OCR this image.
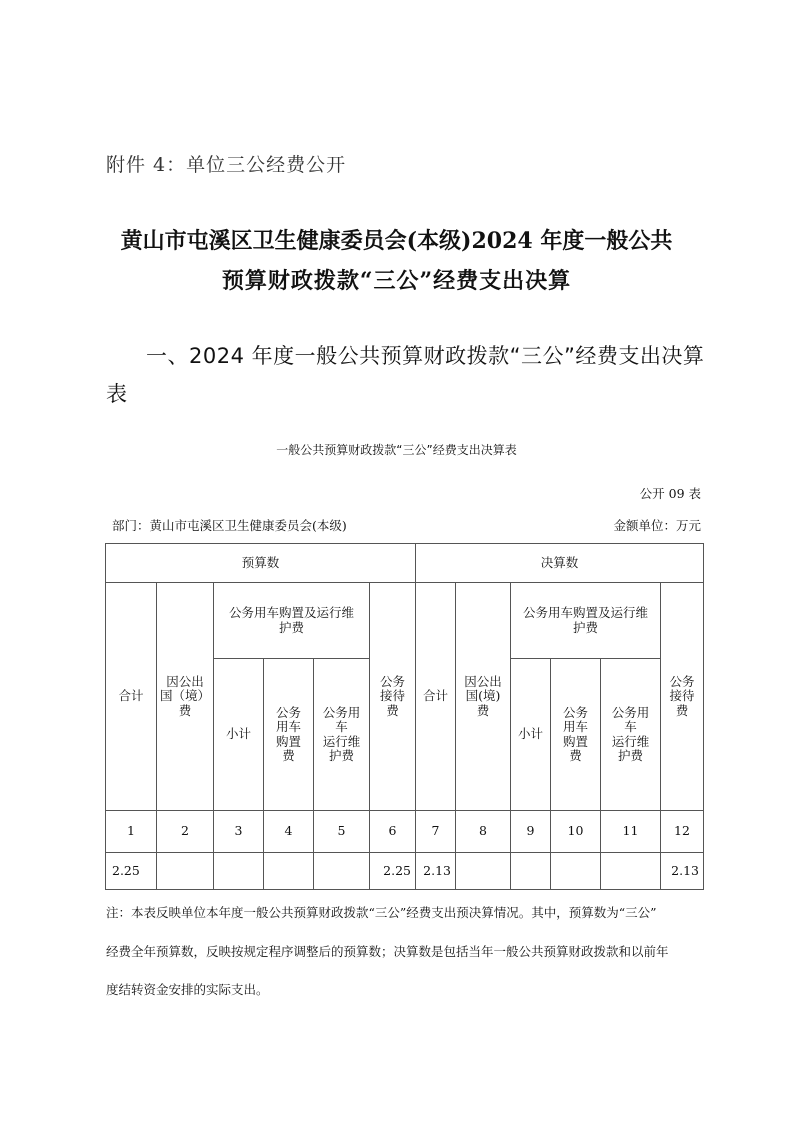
附件 4：单位三公经费公开
黄山市屯溪区卫生健康委员会(本级)2024 年度一般公共
预算财政拨款“三公”经费支出决算
一、2024 年度一般公共预算财政拨款“三公”经费支出决算
表
一般公共预算财政拨款“三公”经费支出决算表
公开 09 表
部门：黄山市屯溪区卫生健康委员会(本级)	金额单位：万元
预算数						决算数					
合计	因公出
国（境）
费	公务用车购置及运行维
护费			公务
接待
费	合计	因公出
国(境)
费	公务用车购置及运行维
护费			公务
接待
费

		小计	公务
用车
购置
费	公务用
车
运行维
护费				小计	公务
用车
购置
费	公务用
车
运行维
护费	

1	2	3	4	5	6	7	8	9	10	11	12
2.25					2.25	2.13					2.13
注：本表反映单位本年度一般公共预算财政拨款“三公”经费支出预决算情况。其中，预算数为“三公”
经费全年预算数，反映按规定程序调整后的预算数；决算数是包括当年一般公共预算财政拨款和以前年
度结转资金安排的实际支出。
